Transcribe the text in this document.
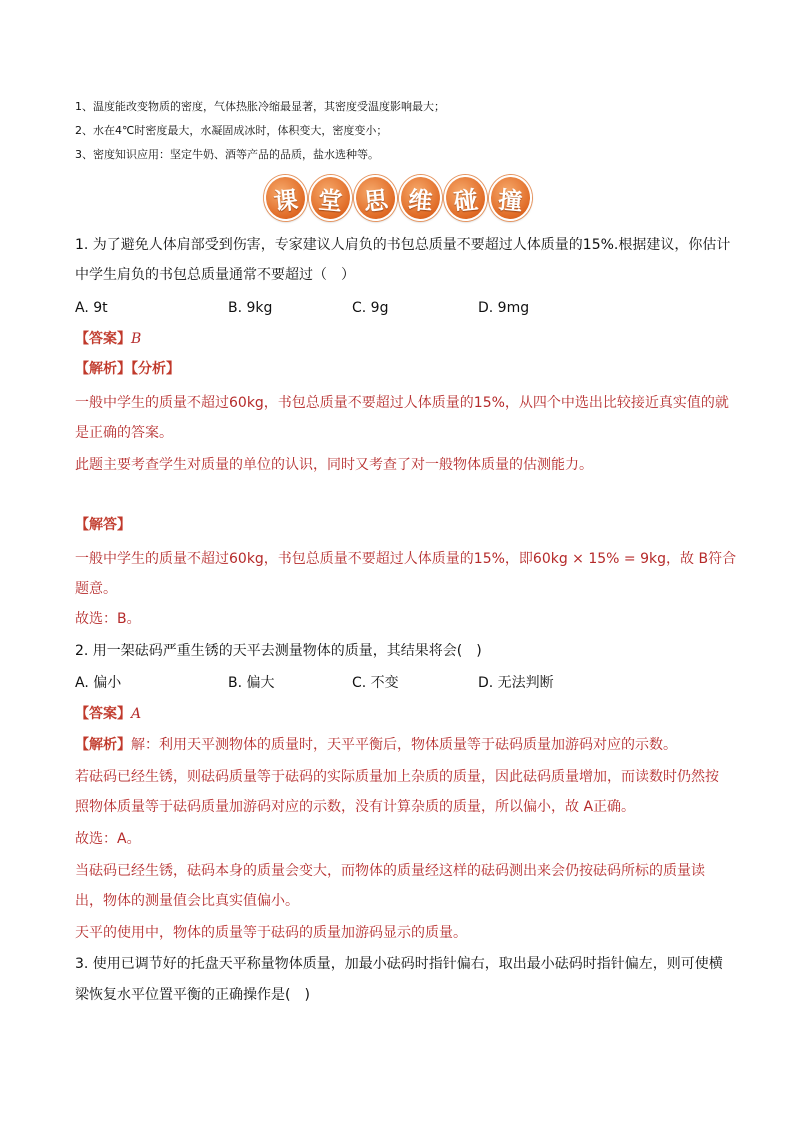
1、温度能改变物质的密度，气体热胀冷缩最显著，其密度受温度影响最大；
2、水在4℃时密度最大，水凝固成冰时，体积变大，密度变小；
3、密度知识应用：坚定牛奶、酒等产品的品质，盐水选种等。
课 堂 思 维 碰 撞
1. 为了避免人体肩部受到伤害，专家建议人肩负的书包总质量不要超过人体质量的15%.根据建议，你估计
中学生肩负的书包总质量通常不要超过（　）
A. 9t	B. 9kg	C. 9g	D. 9mg
【答案】B
【解析】【分析】
一般中学生的质量不超过60kg，书包总质量不要超过人体质量的15%，从四个中选出比较接近真实值的就
是正确的答案。
此题主要考查学生对质量的单位的认识，同时又考查了对一般物体质量的估测能力。
【解答】
一般中学生的质量不超过60kg，书包总质量不要超过人体质量的15%，即60kg × 15% = 9kg，故 B符合
题意。
故选：B。
2. 用一架砝码严重生锈的天平去测量物体的质量，其结果将会(　)
A. 偏小	B. 偏大	C. 不变	D. 无法判断
【答案】A
【解析】解：利用天平测物体的质量时，天平平衡后，物体质量等于砝码质量加游码对应的示数。
若砝码已经生锈，则砝码质量等于砝码的实际质量加上杂质的质量，因此砝码质量增加，而读数时仍然按
照物体质量等于砝码质量加游码对应的示数，没有计算杂质的质量，所以偏小，故 A正确。
故选：A。
当砝码已经生锈，砝码本身的质量会变大，而物体的质量经这样的砝码测出来会仍按砝码所标的质量读
出，物体的测量值会比真实值偏小。
天平的使用中，物体的质量等于砝码的质量加游码显示的质量。
3. 使用已调节好的托盘天平称量物体质量，加最小砝码时指针偏右，取出最小砝码时指针偏左，则可使横
梁恢复水平位置平衡的正确操作是(　)
